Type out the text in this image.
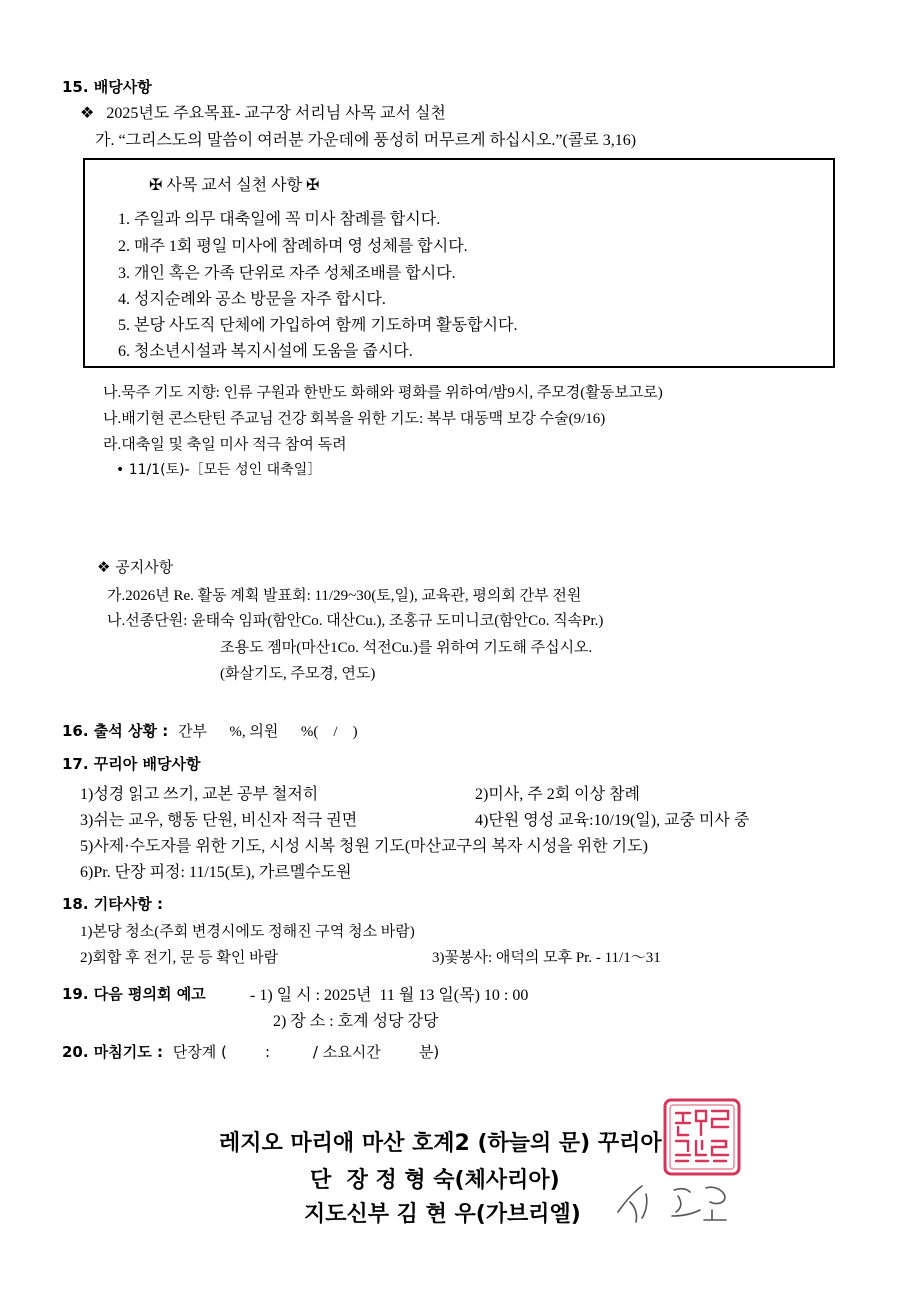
15. 배당사항
❖ 2025년도 주요목표- 교구장 서리님 사목 교서 실천
가. “그리스도의 말씀이 여러분 가운데에 풍성히 머무르게 하십시오.”(콜로 3,16)
✠ 사목 교서 실천 사항 ✠
1. 주일과 의무 대축일에 꼭 미사 참례를 합시다.
2. 매주 1회 평일 미사에 참례하며 영 성체를 합시다.
3. 개인 혹은 가족 단위로 자주 성체조배를 합시다.
4. 성지순례와 공소 방문을 자주 합시다.
5. 본당 사도직 단체에 가입하여 함께 기도하며 활동합시다.
6. 청소년시설과 복지시설에 도움을 줍시다.
나.묵주 기도 지향: 인류 구원과 한반도 화해와 평화를 위하여/밤9시, 주모경(활동보고로)
나.배기현 콘스탄틴 주교님 건강 회복을 위한 기도: 복부 대동맥 보강 수술(9/16)
라.대축일 및 축일 미사 적극 참여 독려
• 11/1(토)-［모든 성인 대축일］
❖ 공지사항
가.2026년 Re. 활동 계획 발표회: 11/29~30(토,일), 교육관, 평의회 간부 전원
나.선종단원: 윤태숙 임파(함안Co. 대산Cu.), 조홍규 도미니코(함안Co. 직속Pr.)
조용도 젬마(마산1Co. 석전Cu.)를 위하여 기도해 주십시오.
(화살기도, 주모경, 연도)
16. 출석 상황 : 간부      %, 의원      %(    /    )
17. 꾸리아 배당사항
1)성경 읽고 쓰기, 교본 공부 철저히	2)미사, 주 2회 이상 참례
3)쉬는 교우, 행동 단원, 비신자 적극 권면	4)단원 영성 교육:10/19(일), 교중 미사 중
5)사제·수도자를 위한 기도, 시성 시복 청원 기도(마산교구의 복자 시성을 위한 기도)
6)Pr. 단장 피정: 11/15(토), 가르멜수도원
18. 기타사항 :
1)본당 청소(주회 변경시에도 정해진 구역 청소 바람)
2)회합 후 전기, 문 등 확인 바람	3)꽃봉사: 애덕의 모후 Pr. - 11/1～31
19. 다음 평의회 예고	- 1) 일 시 : 2025년  11 월 13 일(목) 10 : 00
2) 장 소 : 호계 성당 강당
20. 마침기도 : 단장계 (        :         / 소요시간        분)
레지오 마리애 마산 호계2 (하늘의 문) 꾸리아
단  장 정 형 숙(체사리아)
지도신부 김 현 우(가브리엘)
